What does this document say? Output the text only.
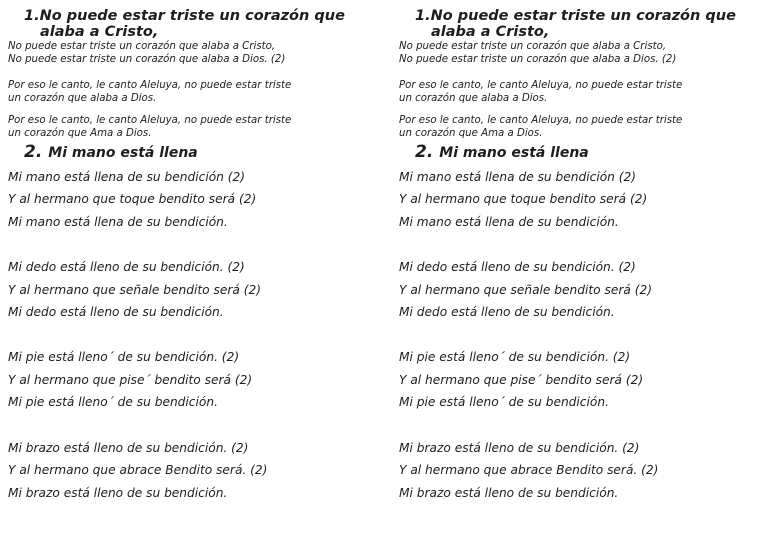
1.No puede estar triste un corazón que
alaba a Cristo,
No puede estar triste un corazón que alaba a Cristo,
No puede estar triste un corazón que alaba a Dios. (2)
Por eso le canto, le canto Aleluya, no puede estar triste
un corazón que alaba a Dios.
Por eso le canto, le canto Aleluya, no puede estar triste
un corazón que Ama a Dios.
2. Mi mano está llena
Mi mano está llena de su bendición (2)
Y al hermano que toque bendito será (2)
Mi mano está llena de su bendición.
Mi dedo está lleno de su bendición. (2)
Y al hermano que señale bendito será (2)
Mi dedo está lleno de su bendición.
Mi pie está lleno´ de su bendición. (2)
Y al hermano que pise´ bendito será (2)
Mi pie está lleno´ de su bendición.
Mi brazo está lleno de su bendición. (2)
Y al hermano que abrace Bendito será. (2)
Mi brazo está lleno de su bendición.
1.No puede estar triste un corazón que
alaba a Cristo,
No puede estar triste un corazón que alaba a Cristo,
No puede estar triste un corazón que alaba a Dios. (2)
Por eso le canto, le canto Aleluya, no puede estar triste
un corazón que alaba a Dios.
Por eso le canto, le canto Aleluya, no puede estar triste
un corazón que Ama a Dios.
2. Mi mano está llena
Mi mano está llena de su bendición (2)
Y al hermano que toque bendito será (2)
Mi mano está llena de su bendición.
Mi dedo está lleno de su bendición. (2)
Y al hermano que señale bendito será (2)
Mi dedo está lleno de su bendición.
Mi pie está lleno´ de su bendición. (2)
Y al hermano que pise´ bendito será (2)
Mi pie está lleno´ de su bendición.
Mi brazo está lleno de su bendición. (2)
Y al hermano que abrace Bendito será. (2)
Mi brazo está lleno de su bendición.
